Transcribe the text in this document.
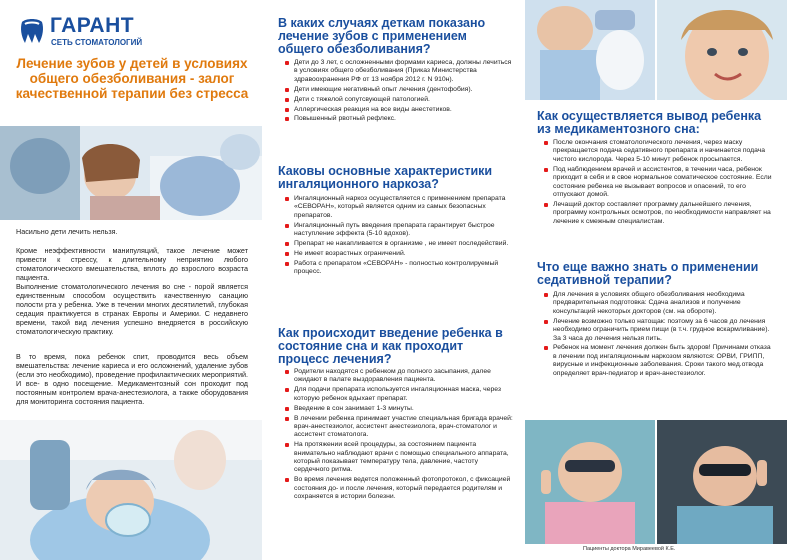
ГАРАНТ
СЕТЬ СТОМАТОЛОГИЙ
Лечение зубов у детей в условиях общего обезболивания - залог качественной терапии без стресса
Насильно дети лечить нельзя.
Кроме неэффективности манипуляций, такое лечение может привести к стрессу, к длительному неприятию любого стоматологического вмешательства, вплоть до взрослого возраста пациента.
Выполнение стоматологического лечения во сне - порой является единственным способом осуществить качественную санацию полости рта у ребенка. Уже в течении многих десятилетий, глубокая седация практикуется в странах Европы и Америки. С недавнего времени, такой вид лечения успешно внедряется в российскую стоматологическую практику.
В то время, пока ребенок спит, проводится весь объем вмешательства: лечение кариеса и его осложнений, удаление зубов (если это необходимо), проведение профилактических мероприятий. И все- в одно посещение. Медикаментозный сон проходит под постоянным контролем врача-анестезиолога, а также оборудования для мониторинга состояния пациента.
В каких случаях деткам показано лечение зубов с применением общего обезболивания?
Дети до 3 лет, с осложненными формами кариеса, должны лечиться в условиях общего обезболивания (Приказ Министерства здравоохранения РФ от 13 ноября 2012 г. N 910н).
Дети имеющие негативный опыт лечения (дентофобия).
Дети с тяжелой сопутсвующей патологией.
Аллергическая реакция на все виды анестетиков.
Повышенный рвотный рефлекс.
Каковы основные характеристики ингаляционного наркоза?
Ингаляционный наркоз осуществляется с применением препарата «СЕВОРАН», который является одним из самых безопасных препаратов.
Ингаляционный путь введения препарата гарантирует быстрое наступление эффекта (5-10 вдохов).
Препарат не накапливается в организме , не имеет последействий.
Не имеет возрастных ограничений.
Работа с препаратом «СЕВОРАН» - полностью контролируемый процесс.
Как происходит введение ребенка в состояние сна и как проходит процесс лечения?
Родители находятся с ребенком до полного засыпания, далее ожидают в палате выздоравления пациента.
Для подачи препарата используется ингаляционная маска, через которую ребенок вдыхает препарат.
Введение в сон занимает 1-3 минуты.
В лечении ребенка принимает участие специальная бригада врачей: врач-анестезиолог, ассистент анестезиолога, врач-стоматолог и ассистент стоматолога.
На протяжении всей процедуры, за состоянием пациента внимательно наблюдают врачи с помощью специального аппарата, который показывает температуру тела, давление, частоту сердечного ритма.
Во время лечения ведется положенный фотопротокол, с фиксацией состояния до- и после лечения, который передается родителям и сохраняется в истории болезни.
Как осуществляется вывод ребенка из медикаментозного сна:
После окончания стоматологического лечения, через маску прекращается подача седативного препарата и начинается подача чистого кислорода. Через 5-10 минут ребенок просыпается.
Под наблюдением врачей и ассистентов, в течении часа, ребенок приходит в себя и в свое нормальное соматическое состояние. Если состояние ребенка не вызывает вопросов и опасений, то его отпускают домой.
Лечащий доктор составляет программу дальнейшего лечения, программу контрольных осмотров, по необходимости направляет на лечение к смежным специалистам.
Что еще важно знать о применении седативной терапии?
Для лечения в условиях общего обезболивания необходима предварительная подготовка: Сдача анализов и получение консультаций некоторых докторов (см. на обороте).
Лечение возможно только натощак: поэтому за 6 часов до лечения необходимо ограничить прием пищи (в т.ч. грудное вскармливание). За 3 часа до лечения нельзя пить.
Ребенок на момент лечения должен быть здоров! Причинами отказа в лечении под ингаляционным наркозом являются: ОРВИ, ГРИПП, вирусные и инфекционные заболевания. Сроки такого мед.отвода определяет врач-педиатор и врач-анестезиолог.
Пациенты доктора Миравеевой К.Е.
